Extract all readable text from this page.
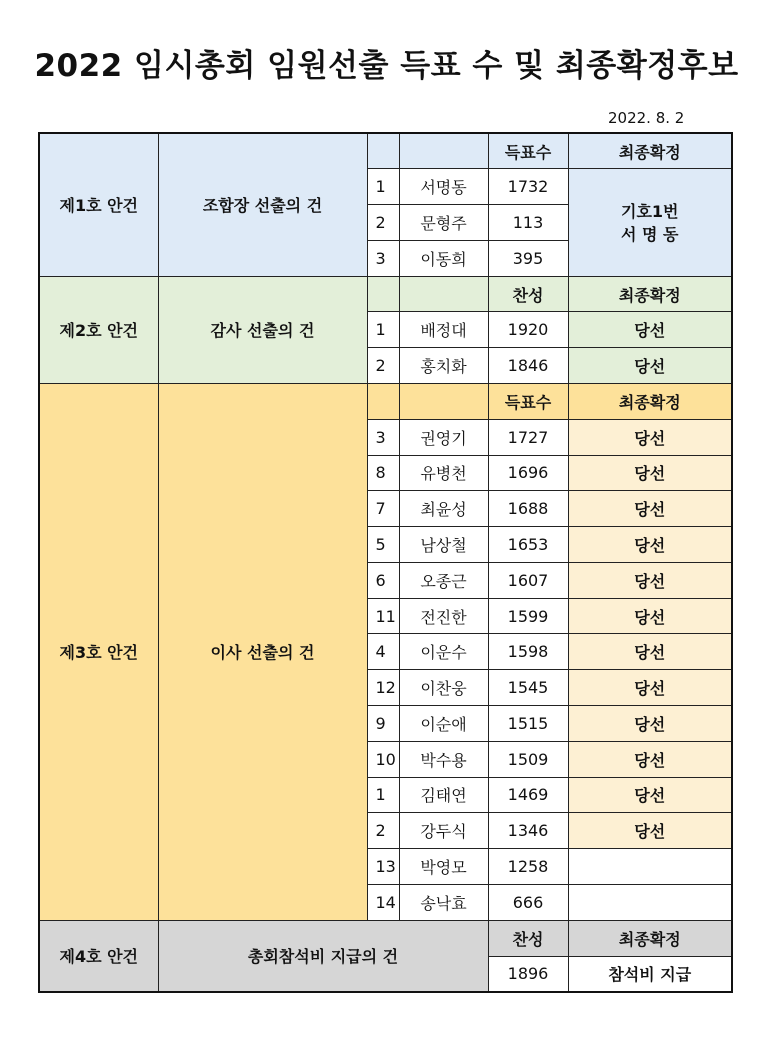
2022 임시총회 임원선출 득표 수 및 최종확정후보
2022. 8. 2
제1호 안건	조합장 선출의 건			득표수	최종확정
		1	서명동	1732	기호1번
서 명 동

		2	문형주	113	
		3	이동희	395	
제2호 안건	감사 선출의 건			찬성	최종확정
		1	배정대	1920	당선
		2	홍치화	1846	당선
제3호 안건	이사 선출의 건			득표수	최종확정
		3	권영기	1727	당선
		8	유병천	1696	당선
		7	최윤성	1688	당선
		5	남상철	1653	당선
		6	오종근	1607	당선
		11	전진한	1599	당선
		4	이운수	1598	당선
		12	이찬웅	1545	당선
		9	이순애	1515	당선
		10	박수용	1509	당선
		1	김태연	1469	당선
		2	강두식	1346	당선
		13	박영모	1258	
		14	송낙효	666	
제4호 안건	총회참석비 지급의 건			찬성	최종확정
				1896	참석비 지급
